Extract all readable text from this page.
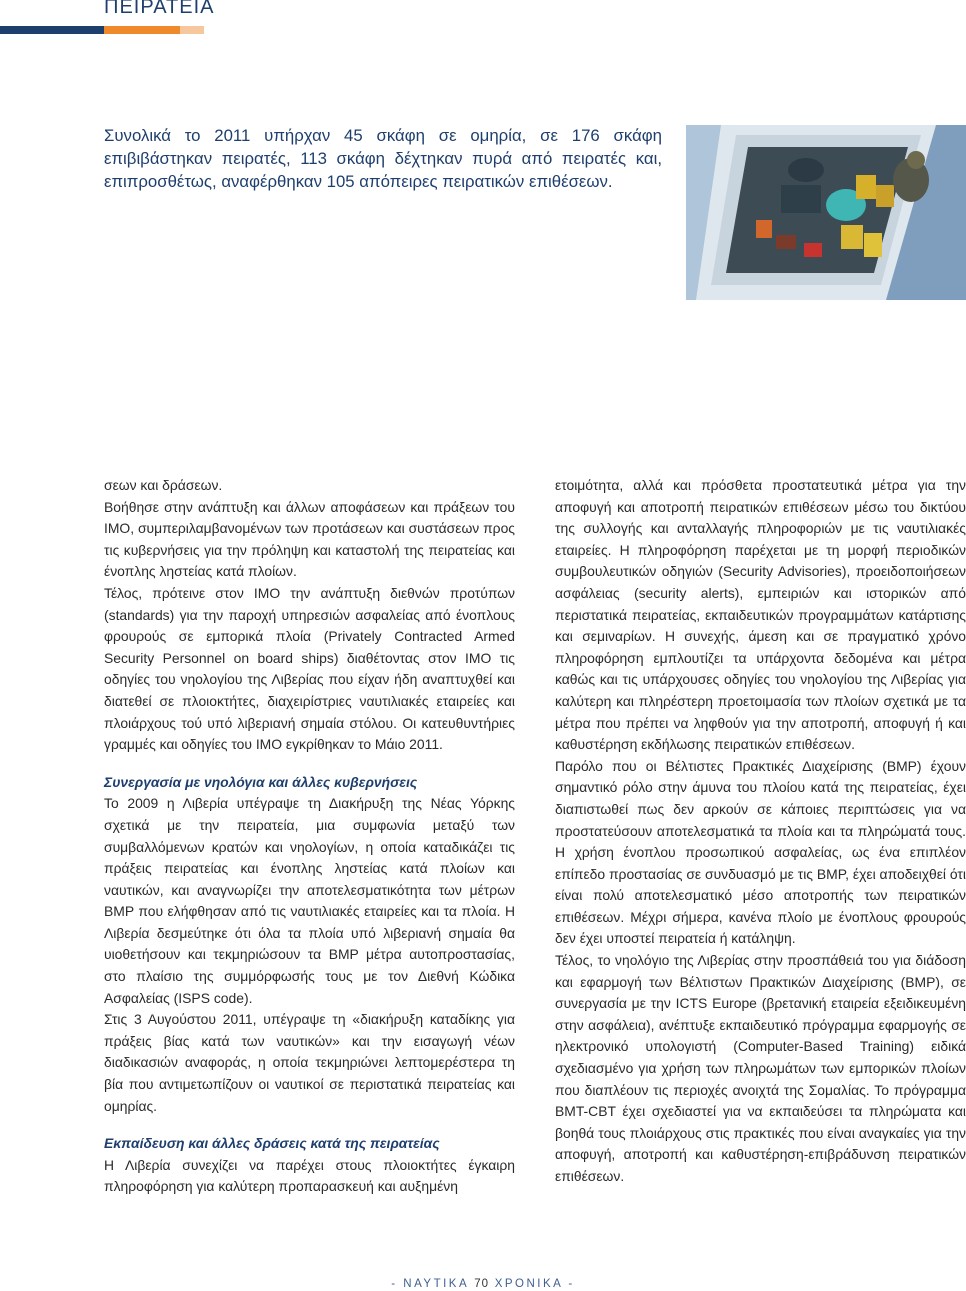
ΠΕΙΡΑΤΕΙΑ
Συνολικά το 2011 υπήρχαν 45 σκάφη σε ομηρία, σε 176 σκάφη επιβιβάστηκαν πειρατές, 113 σκάφη δέχτηκαν πυρά από πειρατές και, επιπροσθέτως, αναφέρθηκαν 105 απόπειρες πειρατικών επιθέσεων.

σεων και δράσεων.

Βοήθησε στην ανάπτυξη και άλλων αποφάσεων και πράξεων του ΙΜΟ, συμπεριλαμβανομένων των προτάσεων και συστάσεων προς τις κυβερνήσεις για την πρόληψη και καταστολή της πειρατείας και ένοπλης ληστείας κατά πλοίων.

Τέλος, πρότεινε στον IMO την ανάπτυξη διεθνών προτύπων (standards) για την παροχή υπηρεσιών ασφαλείας από ένοπλους φρουρούς σε εμπορικά πλοία (Privately Contracted Armed Security Personnel on board ships) διαθέτοντας στον ΙΜΟ τις οδηγίες του νηολογίου της Λιβερίας που είχαν ήδη αναπτυχθεί και διατεθεί σε πλοιοκτήτες, διαχειρίστριες ναυτιλιακές εταιρείες και πλοιάρχους τού υπό λιβεριανή σημαία στόλου. Οι κατευθυντήριες γραμμές και οδηγίες του ΙΜΟ εγκρίθηκαν το Μάιο 2011.

Συνεργασία με νηολόγια και άλλες κυβερνήσεις

Το 2009 η Λιβερία υπέγραψε τη Διακήρυξη της Νέας Υόρκης σχετικά με την πειρατεία, μια συμφωνία μεταξύ των συμβαλλόμενων κρατών και νηολογίων, η οποία καταδικάζει τις πράξεις πειρατείας και ένοπλης ληστείας κατά πλοίων και ναυτικών, και αναγνωρίζει την αποτελεσματικότητα των μέτρων BMP που ελήφθησαν από τις ναυτιλιακές εταιρείες και τα πλοία. Η Λιβερία δεσμεύτηκε ότι όλα τα πλοία υπό λιβεριανή σημαία θα υιοθετήσουν και τεκμηριώσουν τα BMP μέτρα αυτοπροστασίας, στο πλαίσιο της συμμόρφωσής τους με τον Διεθνή Κώδικα Ασφαλείας (ISPS code).

Στις 3 Αυγούστου 2011, υπέγραψε τη «διακήρυξη καταδίκης για πράξεις βίας κατά των ναυτικών» και την εισαγωγή νέων διαδικασιών αναφοράς, η οποία τεκμηριώνει λεπτομερέστερα τη βία που αντιμετωπίζουν οι ναυτικοί σε περιστατικά πειρατείας και ομηρίας.

Εκπαίδευση και άλλες δράσεις κατά της πειρατείας

Η Λιβερία συνεχίζει να παρέχει στους πλοιοκτήτες έγκαιρη πληροφόρηση για καλύτερη προπαρασκευή και αυξημένη

ετοιμότητα, αλλά και πρόσθετα προστατευτικά μέτρα για την αποφυγή και αποτροπή πειρατικών επιθέσεων μέσω του δικτύου της συλλογής και ανταλλαγής πληροφοριών με τις ναυτιλιακές εταιρείες. Η πληροφόρηση παρέχεται με τη μορφή περιοδικών συμβουλευτικών οδηγιών (Security Advisories), προειδοποιήσεων ασφάλειας (security alerts), εμπειριών και ιστορικών από περιστατικά πειρατείας, εκπαιδευτικών προγραμμάτων κατάρτισης και σεμιναρίων. Η συνεχής, άμεση και σε πραγματικό χρόνο πληροφόρηση εμπλουτίζει τα υπάρχοντα δεδομένα και μέτρα καθώς και τις υπάρχουσες οδηγίες του νηολογίου της Λιβερίας για καλύτερη και πληρέστερη προετοιμασία των πλοίων σχετικά με τα μέτρα που πρέπει να ληφθούν για την αποτροπή, αποφυγή ή και καθυστέρηση εκδήλωσης πειρατικών επιθέσεων.

Παρόλο που οι Βέλτιστες Πρακτικές Διαχείρισης (BMP) έχουν σημαντικό ρόλο στην άμυνα του πλοίου κατά της πειρατείας, έχει διαπιστωθεί πως δεν αρκούν σε κάποιες περιπτώσεις για να προστατεύσουν αποτελεσματικά τα πλοία και τα πληρώματά τους. Η χρήση ένοπλου προσωπικού ασφαλείας, ως ένα επιπλέον επίπεδο προστασίας σε συνδυασμό με τις BMP, έχει αποδειχθεί ότι είναι πολύ αποτελεσματικό μέσο αποτροπής των πειρατικών επιθέσεων. Μέχρι σήμερα, κανένα πλοίο με ένοπλους φρουρούς δεν έχει υποστεί πειρατεία ή κατάληψη.

Τέλος, το νηολόγιο της Λιβερίας στην προσπάθειά του για διάδοση και εφαρμογή των Βέλτιστων Πρακτικών Διαχείρισης (BMP), σε συνεργασία με την ICTS Europe (βρετανική εταιρεία εξειδικευμένη στην ασφάλεια), ανέπτυξε εκπαιδευτικό πρόγραμμα εφαρμογής σε ηλεκτρονικό υπολογιστή (Computer-Based Training) ειδικά σχεδιασμένο για χρήση των πληρωμάτων των εμπορικών πλοίων που διαπλέουν τις περιοχές ανοιχτά της Σομαλίας. Το πρόγραμμα BMT-CBT έχει σχεδιαστεί για να εκπαιδεύσει τα πληρώματα και βοηθά τους πλοιάρχους στις πρακτικές που είναι αναγκαίες για την αποφυγή, αποτροπή και καθυστέρηση-επιβράδυνση πειρατικών επιθέσεων.

- ΝΑΥΤΙΚΑ 70 ΧΡΟΝΙΚΑ -
